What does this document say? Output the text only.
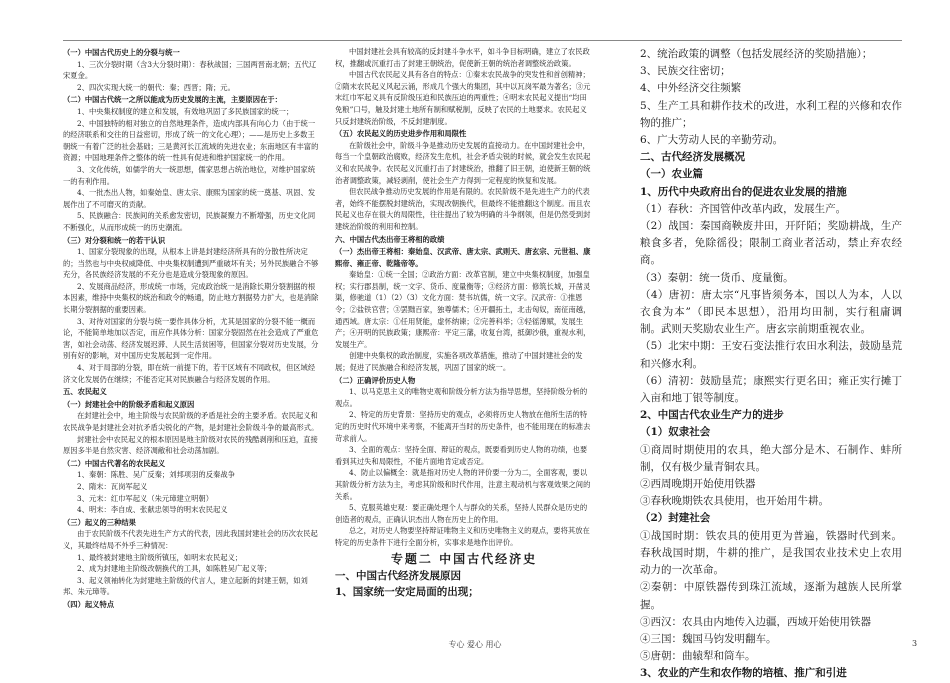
（一）中国古代历史上的分裂与统一

1、三次分裂时期（含3大分裂时期）：春秋战国；三国两晋南北朝；五代辽宋夏金。

2、四次实现大统一的朝代：秦；西晋；隋；元。

（二）中国古代统一之所以能成为历史发展的主流，主要原因在于：

1、中央集权制度的建立和发展，有效地巩固了多民族国家的统一；

2、中国独特的相对独立的自然地理条件，造成内部具有向心力（由于统一的经济联系和交往的日益密切，形成了统一的文化心理）；——是历史上多数王朝统一有着广泛的社会基础；三是黄河长江流域的先进农业；东南地区有丰富的资源；中国地理条件之整体的统一性具有促进和维护国家统一的作用。

3、文化传统，如儒学的大一统思想，儒家思想占统治地位，对维护国家统一的有利作用。

4、一批杰出人物，如秦始皇、唐太宗、康熙为国家的统一奠基、巩固、发展作出了不可磨灭的贡献。

5、民族融合：民族间的关系愈发密切，民族凝聚力不断增强，历史文化同不断强化，从而形成统一的历史潮流。

（三）对分裂和统一的若干认识

1、国家分裂现象的出现，从根本上讲是封建经济所具有的分散性所决定的；当然也与中央权威降低、中央集权制遭到严重破坏有关；另外民族融合不够充分，各民族经济发展的不充分也是造成分裂现象的原因。

2、发展商品经济，形成统一市场，完成政治统一是消除长期分裂割据的根本因素，维持中央集权的统治和政令的畅通，防止地方割据势力扩大，也是消除长期分裂割据的重要因素。

3、对待对国家的分裂与统一要作具体分析，尤其是国家的分裂不能一概而论，不能简单地加以否定，而应作具体分析：国家分裂固然在社会造成了严重危害，如社会动荡、经济发展迟滞、人民生活贫困等，但国家分裂对历史发展，分别有好的影响，对中国历史发展起到一定作用。

4、对于局部的分裂，即在统一前提下的，若干区域有不同政权，但区域经济文化发展仍在继续；不能否定其对民族融合与经济发展的作用。

五、农民起义

（一）封建社会中的阶级矛盾和起义原因

在封建社会中，地主阶级与农民阶级的矛盾是社会的主要矛盾。农民起义和农民战争是封建社会对抗矛盾尖锐化的产物，是封建社会阶级斗争的最高形式。

封建社会中农民起义的根本原因是地主阶级对农民的残酷剥削和压迫，直接原因多半是自然灾害、经济凋敝和社会动荡加剧。

（二）中国古代著名的农民起义

1、秦朝：陈胜、吴广反秦；刘邦项羽的反秦战争

2、隋末：瓦岗军起义

3、元末：红巾军起义（朱元璋建立明朝）

4、明末：李自成、张献忠领导的明末农民起义

（三）起义的三种结果

由于农民阶级不代表先进生产方式的代表，因此我国封建社会的历次农民起义，其最终结局不外乎三种情况：

1、最终被封建地主阶级所镇压，如明末农民起义；

2、成为封建地主阶级改朝换代的工具，如陈胜吴广起义等；

3、起义领袖转化为封建地主阶级的代言人，建立起新的封建王朝，如刘邦、朱元璋等。

（四）起义特点

中国封建社会具有较高的反封建斗争水平，如斗争目标明确，建立了农民政权，推翻或沉重打击了封建王朝统治，促使新王朝的统治者调整统治政策。

中国古代农民起义具有各自的特点：①秦末农民战争的突发性和首创精神；②隋末农民起义风起云涌，形成几个强大的集团，其中以瓦岗军最为著名；③元末红巾军起义具有反阶级压迫和民族压迫的两重性；④明末农民起义提出“均田免粮”口号，触及封建土地所有制和赋税制，反映了农民的土地要求。农民起义只反封建统治阶级，不反封建制度。

（五）农民起义的历史进步作用和局限性

在阶级社会中，阶级斗争是推动历史发展的直接动力。在中国封建社会中，每当一个皇朝政治腐败，经济发生危机，社会矛盾尖锐的时候，就会发生农民起义和农民战争。农民起义沉重打击了封建统治，推翻了旧王朝，迫使新王朝的统治者调整政策，减轻剥削，使社会生产力得到一定程度的恢复和发展。

但农民战争推动历史发展的作用是有限的。农民阶级不是先进生产力的代表者，始终不能摆脱封建统治，实现改朝换代，但最终不能推翻这个制度。而且农民起义也存在很大的局限性，往往提出了较为明确的斗争纲领，但是仍然受到封建统治阶级的利用和控制。

六、中国古代杰出帝王将相的政绩

（一）杰出帝王将相：秦始皇、汉武帝、唐太宗、武则天、唐玄宗、元世祖、康熙帝、雍正帝、乾隆帝等。

秦始皇：①统一全国；②政治方面：改革官制，建立中央集权制度，加强皇权；实行郡县制，统一文字、货币、度量衡等；③经济方面：修筑长城，开凿灵渠，修驰道（1）（2）（3）文化方面：焚书坑儒，统一文字。汉武帝：①推恩令；②盐铁官营；③罢黜百家，独尊儒术；④开疆拓土，北击匈奴，南征南越，通西域。唐太宗：①任用贤能，虚怀纳谏；②完善科举；③轻徭薄赋，发展生产；④开明的民族政策；康熙帝：平定三藩，收复台湾，抵御沙俄，重视水利，发展生产。

创建中央集权的政治制度，实施各项改革措施，推动了中国封建社会的发展；促进了民族融合和经济发展，巩固了国家的统一。

（二）正确评价历史人物

1、以马克思主义的唯物史观和阶级分析方法为指导思想，坚持阶级分析的观点。

2、特定的历史背景：坚持历史的观点，必须将历史人物放在他所生活的特定的历史时代环境中来考察，不能离开当时的历史条件，也不能用现在的标准去苛求前人。

3、全面的观点：坚持全面、辩证的观点，既要看到历史人物的功绩，也要看到其过失和局限性，不能片面地肯定或否定。

4、防止以偏概全：就是指对历史人物的评价要一分为二，全面客观，要以其阶级分析方法为主，考虑其阶级和时代作用，注意主观动机与客观效果之间的关系。

5、克服英雄史观：要正确处理个人与群众的关系，坚持人民群众是历史的创造者的观点，正确认识杰出人物在历史上的作用。

总之，对历史人物要坚持辩证唯物主义和历史唯物主义的观点，要将其放在特定的历史条件下进行全面分析，实事求是地作出评价。

专题二 中国古代经济史

一、中国古代经济发展原因

1、国家统一安定局面的出现；

2、统治政策的调整（包括发展经济的奖励措施）；

3、民族交往密切；

4、中外经济交往频繁

5、生产工具和耕作技术的改进，水利工程的兴修和农作物的推广；

6、广大劳动人民的辛勤劳动。

二、古代经济发展概况

（一）农业篇

1、历代中央政府出台的促进农业发展的措施

（1）春秋：齐国管仲改革内政，发展生产。

（2）战国：秦国商鞅废井田，开阡陌；奖励耕战，生产粮食多者，免除徭役；限制工商业者活动，禁止弃农经商。

（3）秦朝：统一货币、度量衡。

（4）唐初：唐太宗“凡事皆须务本，国以人为本，人以衣食为本”（即民本思想），沿用均田制，实行租庸调制。武则天奖励农业生产。唐玄宗前期重视农业。

（5）北宋中期：王安石变法推行农田水利法，鼓励垦荒和兴修水利。

（6）清初：鼓励垦荒；康熙实行更名田；雍正实行摊丁入亩和地丁银等制度。

2、中国古代农业生产力的进步

（1）奴隶社会

①商周时期使用的农具，绝大部分是木、石制作、蚌所制，仅有极少量青铜农具。

②西周晚期开始使用铁器

③春秋晚期铁农具使用，也开始用牛耕。

（2）封建社会

①战国时期：铁农具的使用更为普遍，铁器时代到来。春秋战国时期，牛耕的推广，是我国农业技术史上农用动力的一次革命。

②秦朝：中原铁器传到珠江流域，逐渐为越族人民所掌握。

③西汉：农具由内地传入边疆，西域开始使用铁器

④三国：魏国马钧发明翻车。

⑤唐朝：曲辕犁和筒车。

3、农业的产生和农作物的培植、推广和引进

专心 爱心 用心	3
